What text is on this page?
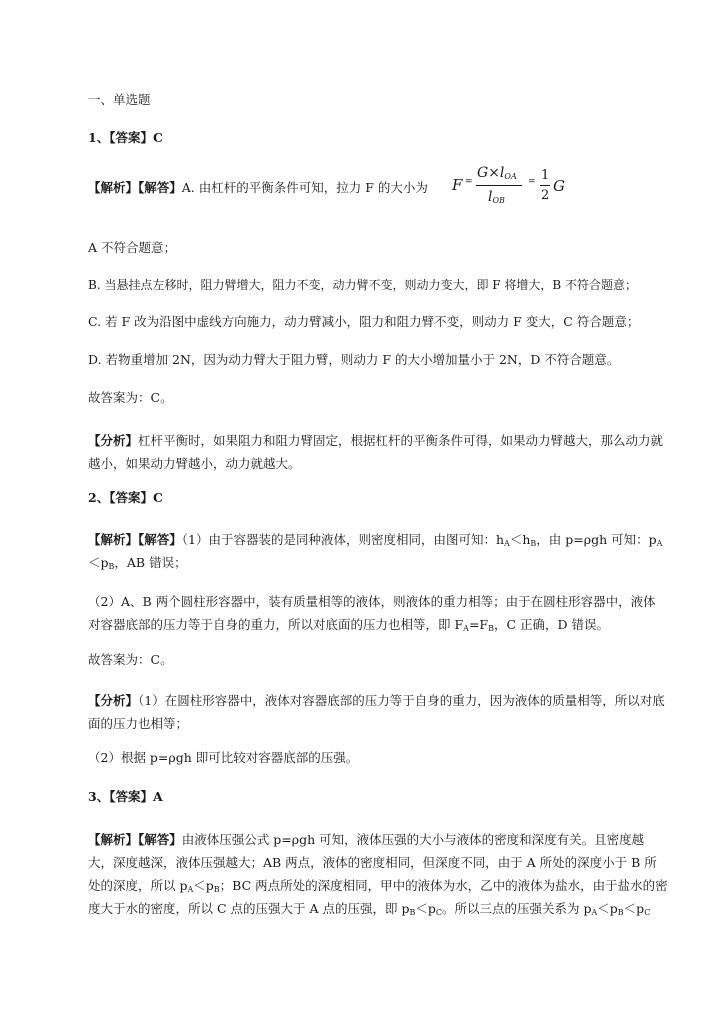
一、单选题
1、【答案】C
【解析】【解答】A. 由杠杆的平衡条件可知，拉力 F 的大小为 F =
$G\times l_{OA}$
$l_{OB}$
= 1
2
G
A 不符合题意；
B. 当悬挂点左移时，阻力臂增大，阻力不变，动力臂不变，则动力变大，即 F 将增大，B 不符合题意；
C. 若 F 改为沿图中虚线方向施力，动力臂减小，阻力和阻力臂不变，则动力 F 变大，C 符合题意；
D. 若物重增加 2N，因为动力臂大于阻力臂，则动力 F 的大小增加量小于 2N，D 不符合题意。
故答案为：C。
【分析】杠杆平衡时，如果阻力和阻力臂固定，根据杠杆的平衡条件可得，如果动力臂越大，那么动力就越小，如果动力臂越小，动力就越大。
2、【答案】C
【解析】【解答】（1）由于容器装的是同种液体，则密度相同，由图可知：$h_A<h_B$，由 p=ρgh 可知：$p_A<p_B$，AB 错误；
（2）A、B 两个圆柱形容器中，装有质量相等的液体，则液体的重力相等；由于在圆柱形容器中，液体对容器底部的压力等于自身的重力，所以对底面的压力也相等，即 $F_A=F_B$，C 正确，D 错误。
故答案为：C。
【分析】（1）在圆柱形容器中，液体对容器底部的压力等于自身的重力，因为液体的质量相等，所以对底面的压力也相等；
（2）根据 p=ρgh 即可比较对容器底部的压强。
3、【答案】A
【解析】【解答】由液体压强公式 p=ρgh 可知，液体压强的大小与液体的密度和深度有关。且密度越大，深度越深，液体压强越大；AB 两点，液体的密度相同，但深度不同，由于 A 所处的深度小于 B 所处的深度，所以 $p_A<p_B$；BC 两点所处的深度相同，甲中的液体为水，乙中的液体为盐水，由于盐水的密度大于水的密度，所以 C 点的压强大于 A 点的压强，即 $p_B<p_C$。所以三点的压强关系为 $p_A<p_B<p_C$
